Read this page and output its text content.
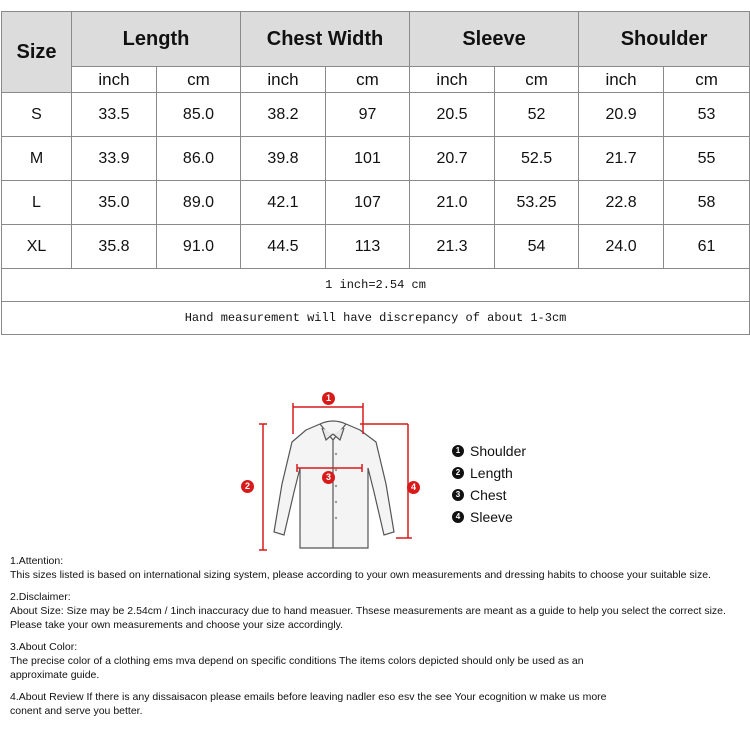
Size	Length		Chest Width		Sleeve		Shoulder	
	inch	cm	inch	cm	inch	cm	inch	cm
S	33.5	85.0	38.2	97	20.5	52	20.9	53
M	33.9	86.0	39.8	101	20.7	52.5	21.7	55
L	35.0	89.0	42.1	107	21.0	53.25	22.8	58
XL	35.8	91.0	44.5	113	21.3	54	24.0	61
1 inch=2.54 cm								
Hand measurement will have discrepancy of about 1-3cm								
1
2
3
4
1 Shoulder
2 Length
3 Chest
4 Sleeve
1.Attention:
This sizes listed is based on international sizing system, please according to your own measurements and dressing habits to choose your suitable size.
2.Disclaimer:
About Size: Size may be 2.54cm / 1inch inaccuracy due to hand measuer. Thsese measurements are meant as a guide to help you select the correct size. Please take your own measurements and choose your size accordingly.
3.About Color:
The precise color of a clothing ems mva depend on specific conditions The items colors depicted should only be used as an approximate guide.
4.About Review If there is any dissaisacon please emails before leaving nadler eso esv the see Your ecognition w make us more conent and serve you better.
